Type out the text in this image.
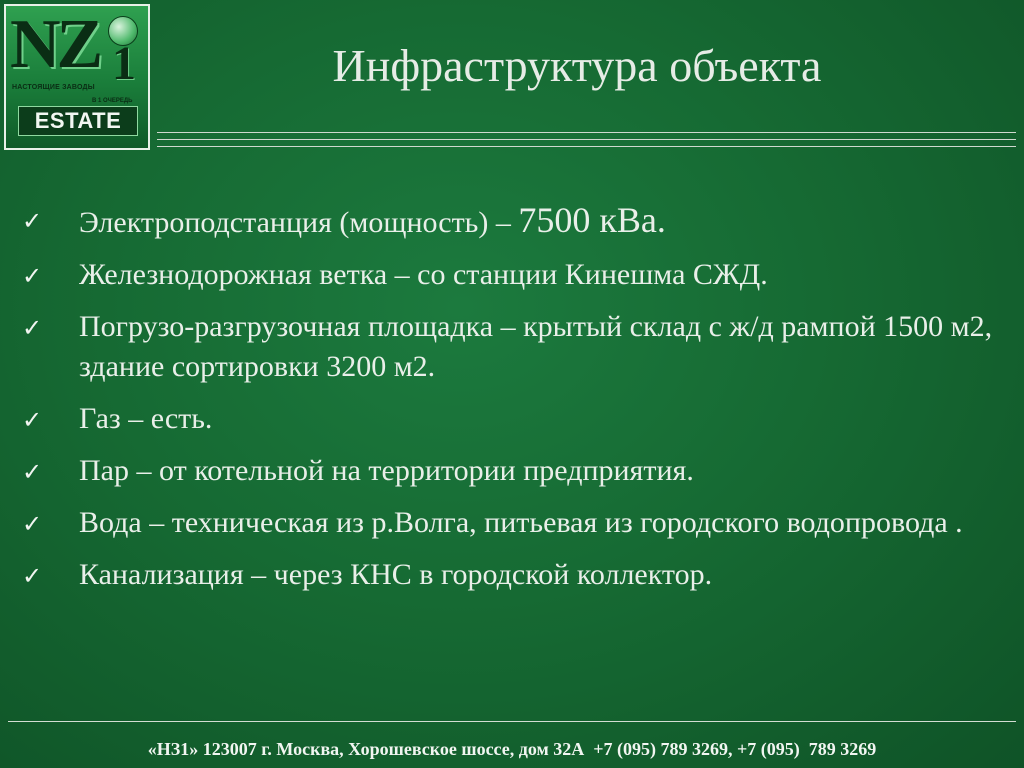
NZ 1
НАСТОЯЩИЕ ЗАВОДЫ
В 1 ОЧЕРЕДЬ
ESTATE
Инфраструктура объекта
✓ Электроподстанция (мощность) – 7500 кВа.
✓ Железнодорожная ветка – со станции Кинешма СЖД.
✓ Погрузо-разгрузочная площадка – крытый склад с ж/д рампой 1500 м2, здание сортировки 3200 м2.
✓ Газ – есть.
✓ Пар – от котельной на территории предприятия.
✓ Вода – техническая из р.Волга, питьевая из городского водопровода .
✓ Канализация – через КНС в городской коллектор.
«НЗ1» 123007 г. Москва, Хорошевское шоссе, дом 32А  +7 (095) 789 3269, +7 (095)  789 3269
